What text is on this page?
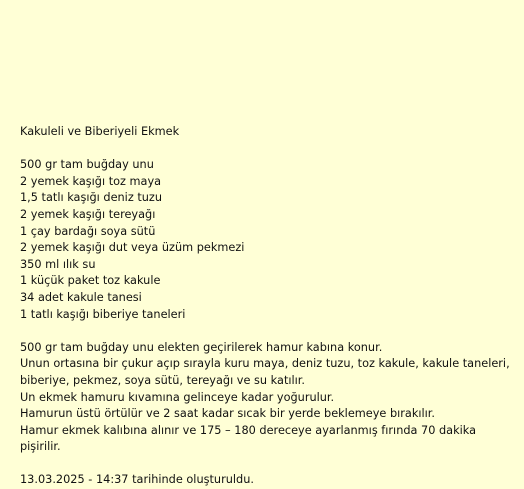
Kakuleli ve Biberiyeli Ekmek

500 gr tam buğday unu

2 yemek kaşığı toz maya

1,5 tatlı kaşığı deniz tuzu

2 yemek kaşığı tereyağı

1 çay bardağı soya sütü

2 yemek kaşığı dut veya üzüm pekmezi

350 ml ılık su

1 küçük paket toz kakule

34 adet kakule tanesi

1 tatlı kaşığı biberiye taneleri

500 gr tam buğday unu elekten geçirilerek hamur kabına konur.

Unun ortasına bir çukur açıp sırayla kuru maya, deniz tuzu, toz kakule, kakule taneleri, biberiye, pekmez, soya sütü, tereyağı ve su katılır.

Un ekmek hamuru kıvamına gelinceye kadar yoğurulur.

Hamurun üstü örtülür ve 2 saat kadar sıcak bir yerde beklemeye bırakılır.

Hamur ekmek kalıbına alınır ve 175 – 180 dereceye ayarlanmış fırında 70 dakika pişirilir.

13.03.2025 - 14:37 tarihinde oluşturuldu.
